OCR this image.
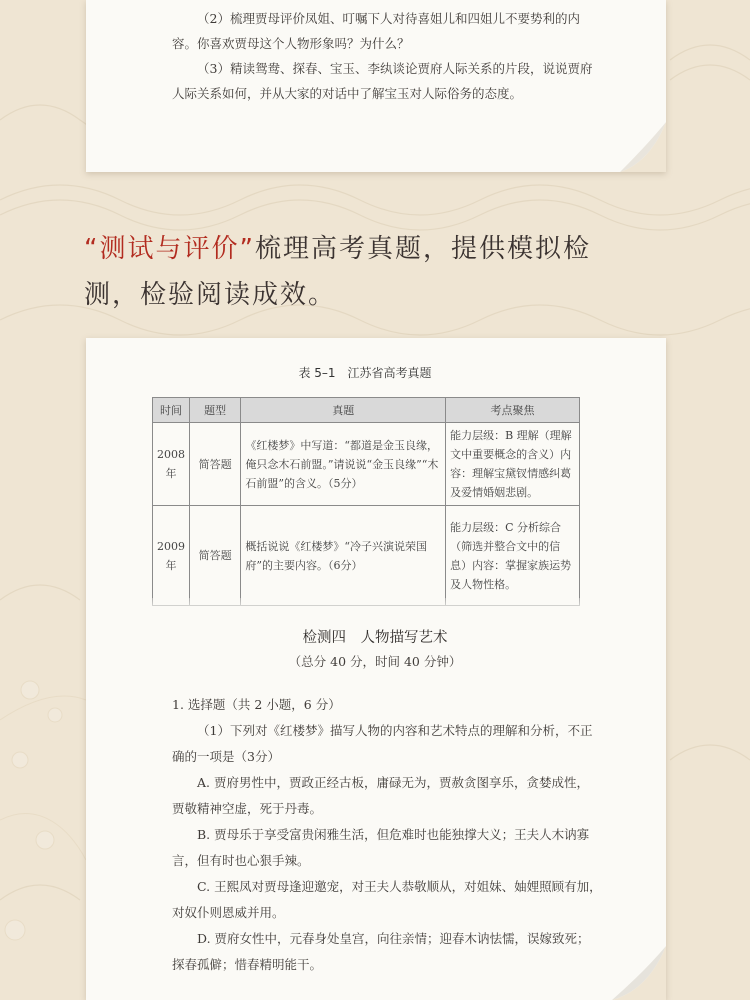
（2）梳理贾母评价凤姐、叮嘱下人对待喜姐儿和四姐儿不要势利的内

容。你喜欢贾母这个人物形象吗？为什么？

（3）精读鸳鸯、探春、宝玉、李纨谈论贾府人际关系的片段，说说贾府

人际关系如何，并从大家的对话中了解宝玉对人际俗务的态度。

“测试与评价”梳理高考真题，提供模拟检
测，检验阅读成效。
表 5–1　江苏省高考真题
时间	题型	真题	考点聚焦
2008年	简答题	《红楼梦》中写道：“都道是金玉良缘，俺只念木石前盟。”请说说“金玉良缘”“木石前盟”的含义。（5分）	能力层级：B 理解（理解文中重要概念的含义）内容：理解宝黛钗情感纠葛及爱情婚姻悲剧。
2009年	简答题	概括说说《红楼梦》“冷子兴演说荣国府”的主要内容。（6分）	能力层级：C 分析综合（筛选并整合文中的信息）内容：掌握家族运势及人物性格。
检测四　人物描写艺术
（总分 40 分，时间 40 分钟）

1. 选择题（共 2 小题，6 分）

（1）下列对《红楼梦》描写人物的内容和艺术特点的理解和分析，不正

确的一项是（3分）

A. 贾府男性中，贾政正经古板，庸碌无为，贾赦贪图享乐，贪婪成性，

贾敬精神空虚，死于丹毒。

B. 贾母乐于享受富贵闲雅生活，但危难时也能独撑大义；王夫人木讷寡

言，但有时也心狠手辣。

C. 王熙凤对贾母逢迎邀宠，对王夫人恭敬顺从，对姐妹、妯娌照顾有加，

对奴仆则恩威并用。

D. 贾府女性中，元春身处皇宫，向往亲情；迎春木讷怯懦，误嫁致死；

探春孤僻；惜春精明能干。
